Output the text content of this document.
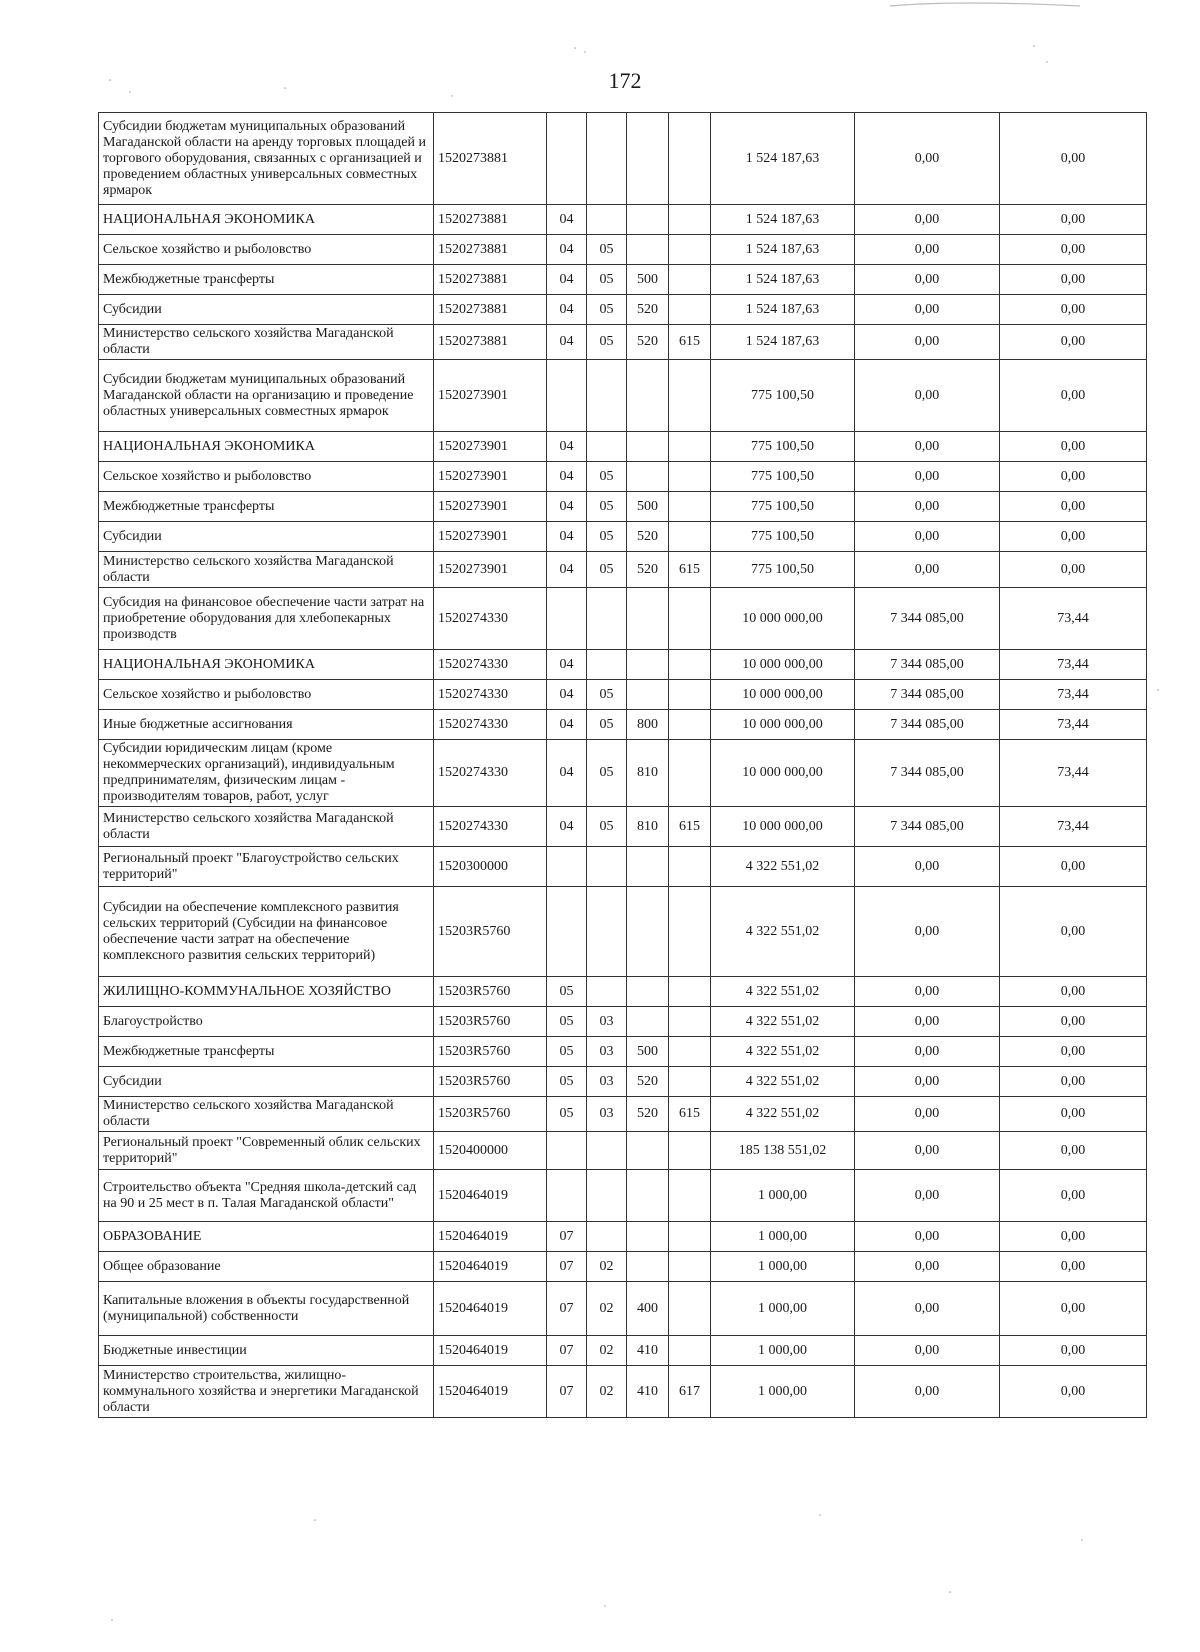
172
Субсидии бюджетам муниципальных образований Магаданской области на аренду торговых площадей и торгового оборудования, связанных с организацией и проведением областных универсальных совместных ярмарок	1520273881					1 524 187,63	0,00	0,00
НАЦИОНАЛЬНАЯ ЭКОНОМИКА	1520273881	04				1 524 187,63	0,00	0,00
Сельское хозяйство и рыболовство	1520273881	04	05			1 524 187,63	0,00	0,00
Межбюджетные трансферты	1520273881	04	05	500		1 524 187,63	0,00	0,00
Субсидии	1520273881	04	05	520		1 524 187,63	0,00	0,00
Министерство сельского хозяйства Магаданской области	1520273881	04	05	520	615	1 524 187,63	0,00	0,00
Субсидии бюджетам муниципальных образований Магаданской области на организацию и проведение областных универсальных совместных ярмарок	1520273901					775 100,50	0,00	0,00
НАЦИОНАЛЬНАЯ ЭКОНОМИКА	1520273901	04				775 100,50	0,00	0,00
Сельское хозяйство и рыболовство	1520273901	04	05			775 100,50	0,00	0,00
Межбюджетные трансферты	1520273901	04	05	500		775 100,50	0,00	0,00
Субсидии	1520273901	04	05	520		775 100,50	0,00	0,00
Министерство сельского хозяйства Магаданской области	1520273901	04	05	520	615	775 100,50	0,00	0,00
Субсидия на финансовое обеспечение части затрат на приобретение оборудования для хлебопекарных производств	1520274330					10 000 000,00	7 344 085,00	73,44
НАЦИОНАЛЬНАЯ ЭКОНОМИКА	1520274330	04				10 000 000,00	7 344 085,00	73,44
Сельское хозяйство и рыболовство	1520274330	04	05			10 000 000,00	7 344 085,00	73,44
Иные бюджетные ассигнования	1520274330	04	05	800		10 000 000,00	7 344 085,00	73,44
Субсидии юридическим лицам (кроме некоммерческих организаций), индивидуальным предпринимателям, физическим лицам - производителям товаров, работ, услуг	1520274330	04	05	810		10 000 000,00	7 344 085,00	73,44
Министерство сельского хозяйства Магаданской области	1520274330	04	05	810	615	10 000 000,00	7 344 085,00	73,44
Региональный проект "Благоустройство сельских территорий"	1520300000					4 322 551,02	0,00	0,00
Субсидии на обеспечение комплексного развития сельских территорий (Субсидии на финансовое обеспечение части затрат на обеспечение комплексного развития сельских территорий)	15203R5760					4 322 551,02	0,00	0,00
ЖИЛИЩНО-КОММУНАЛЬНОЕ ХОЗЯЙСТВО	15203R5760	05				4 322 551,02	0,00	0,00
Благоустройство	15203R5760	05	03			4 322 551,02	0,00	0,00
Межбюджетные трансферты	15203R5760	05	03	500		4 322 551,02	0,00	0,00
Субсидии	15203R5760	05	03	520		4 322 551,02	0,00	0,00
Министерство сельского хозяйства Магаданской области	15203R5760	05	03	520	615	4 322 551,02	0,00	0,00
Региональный проект "Современный облик сельских территорий"	1520400000					185 138 551,02	0,00	0,00
Строительство объекта "Средняя школа-детский сад на 90 и 25 мест в п. Талая Магаданской области"	1520464019					1 000,00	0,00	0,00
ОБРАЗОВАНИЕ	1520464019	07				1 000,00	0,00	0,00
Общее образование	1520464019	07	02			1 000,00	0,00	0,00
Капитальные вложения в объекты государственной (муниципальной) собственности	1520464019	07	02	400		1 000,00	0,00	0,00
Бюджетные инвестиции	1520464019	07	02	410		1 000,00	0,00	0,00
Министерство строительства, жилищно-коммунального хозяйства и энергетики Магаданской области	1520464019	07	02	410	617	1 000,00	0,00	0,00
